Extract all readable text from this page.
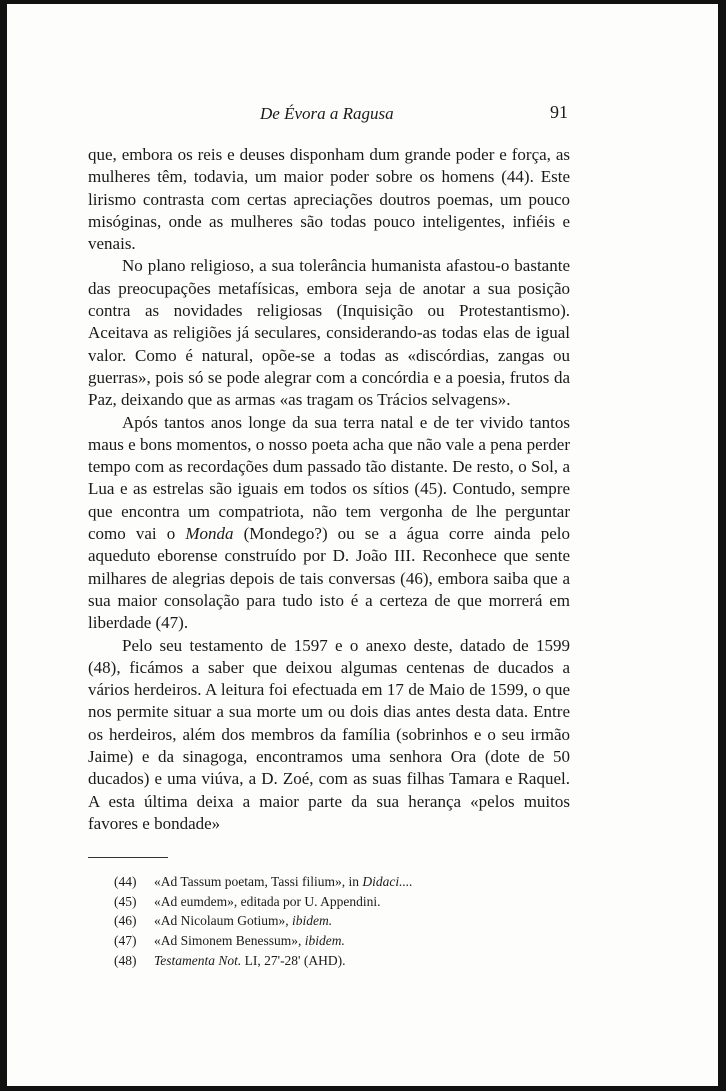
De Évora a Ragusa	91

que, embora os reis e deuses disponham dum grande poder e força, as mulheres têm, todavia, um maior poder sobre os homens (44). Este lirismo contrasta com certas apreciações doutros poemas, um pouco misóginas, onde as mulheres são todas pouco inteligentes, infiéis e venais.

No plano religioso, a sua tolerância humanista afastou-o bastante das preocupações metafísicas, embora seja de anotar a sua posição contra as novidades religiosas (Inquisição ou Protestantismo). Aceitava as religiões já seculares, considerando-as todas elas de igual valor. Como é natural, opõe-se a todas as «discórdias, zangas ou guerras», pois só se pode alegrar com a concórdia e a poesia, frutos da Paz, deixando que as armas «as tragam os Trácios selvagens».

Após tantos anos longe da sua terra natal e de ter vivido tantos maus e bons momentos, o nosso poeta acha que não vale a pena perder tempo com as recordações dum passado tão distante. De resto, o Sol, a Lua e as estrelas são iguais em todos os sítios (45). Contudo, sempre que encontra um compatriota, não tem vergonha de lhe perguntar como vai o Monda (Mondego?) ou se a água corre ainda pelo aqueduto eborense construído por D. João III. Reconhece que sente milhares de alegrias depois de tais conversas (46), embora saiba que a sua maior consolação para tudo isto é a certeza de que morrerá em liberdade (47).

Pelo seu testamento de 1597 e o anexo deste, datado de 1599 (48), ficámos a saber que deixou algumas centenas de ducados a vários herdeiros. A leitura foi efectuada em 17 de Maio de 1599, o que nos permite situar a sua morte um ou dois dias antes desta data. Entre os herdeiros, além dos membros da família (sobrinhos e o seu irmão Jaime) e da sinagoga, encontramos uma senhora Ora (dote de 50 ducados) e uma viúva, a D. Zoé, com as suas filhas Tamara e Raquel. A esta última deixa a maior parte da sua herança «pelos muitos favores e bondade»

(44)	«Ad Tassum poetam, Tassi filium», in Didaci....
(45)	«Ad eumdem», editada por U. Appendini.
(46)	«Ad Nicolaum Gotium», ibidem.
(47)	«Ad Simonem Benessum», ibidem.
(48)	Testamenta Not. LI, 27'-28' (AHD).
